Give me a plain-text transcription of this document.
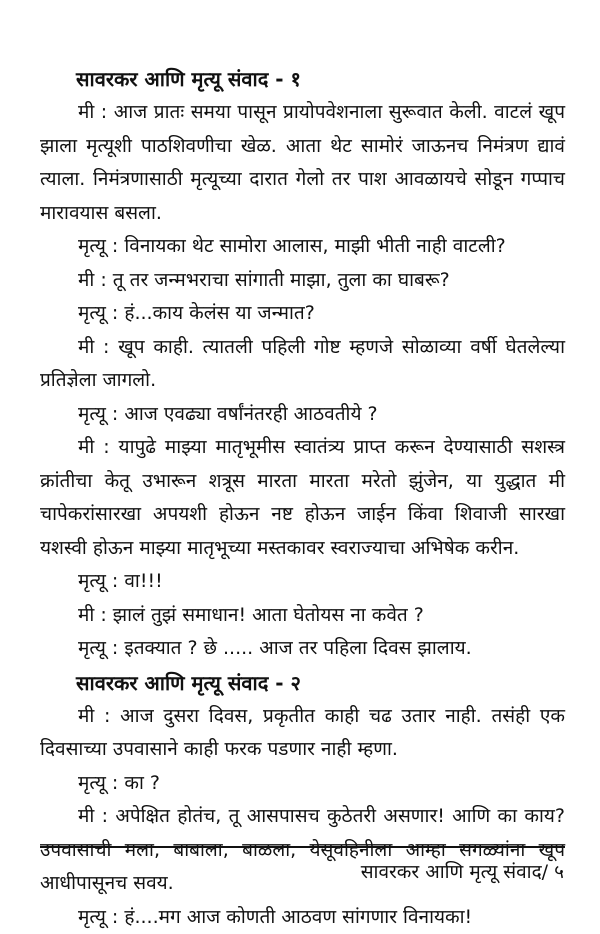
सावरकर आणि मृत्यू संवाद - १

मी : आज प्रातः समया पासून प्रायोपवेशनाला सुरूवात केली. वाटलं खूप झाला मृत्यूशी पाठशिवणीचा खेळ. आता थेट सामोरं जाऊनच निमंत्रण द्यावं त्याला. निमंत्रणासाठी मृत्यूच्या दारात गेलो तर पाश आवळायचे सोडून गप्पाच मारावयास बसला.

मृत्यू : विनायका थेट सामोरा आलास, माझी भीती नाही वाटली?

मी : तू तर जन्मभराचा सांगाती माझा, तुला का घाबरू?

मृत्यू : हं...काय केलंस या जन्मात?

मी : खूप काही. त्यातली पहिली गोष्ट म्हणजे सोळाव्या वर्षी घेतलेल्या प्रतिज्ञेला जागलो.

मृत्यू : आज एवढ्या वर्षांनंतरही आठवतीये ?

मी : यापुढे माझ्या मातृभूमीस स्वातंत्र्य प्राप्त करून देण्यासाठी सशस्त्र क्रांतीचा केतू उभारून शत्रूस मारता मारता मरेतो झुंजेन, या युद्धात मी चापेकरांसारखा अपयशी होऊन नष्ट होऊन जाईन किंवा शिवाजी सारखा यशस्वी होऊन माझ्या मातृभूच्या मस्तकावर स्वराज्याचा अभिषेक करीन.

मृत्यू : वा!!!

मी : झालं तुझं समाधान! आता घेतोयस ना कवेत ?

मृत्यू : इतक्यात ? छे ..... आज तर पहिला दिवस झालाय.

सावरकर आणि मृत्यू संवाद - २

मी : आज दुसरा दिवस, प्रकृतीत काही चढ उतार नाही. तसंही एक दिवसाच्या उपवासाने काही फरक पडणार नाही म्हणा.

मृत्यू : का ?

मी : अपेक्षित होतंच, तू आसपासच कुठेतरी असणार! आणि का काय? उपवासाची मला, बाबाला, बाळला, येसूवहिनीला आम्हा सगळ्यांना खूप आधीपासूनच सवय.

मृत्यू : हं....मग आज कोणती आठवण सांगणार विनायका!

सावरकर आणि मृत्यू संवाद/ ५
